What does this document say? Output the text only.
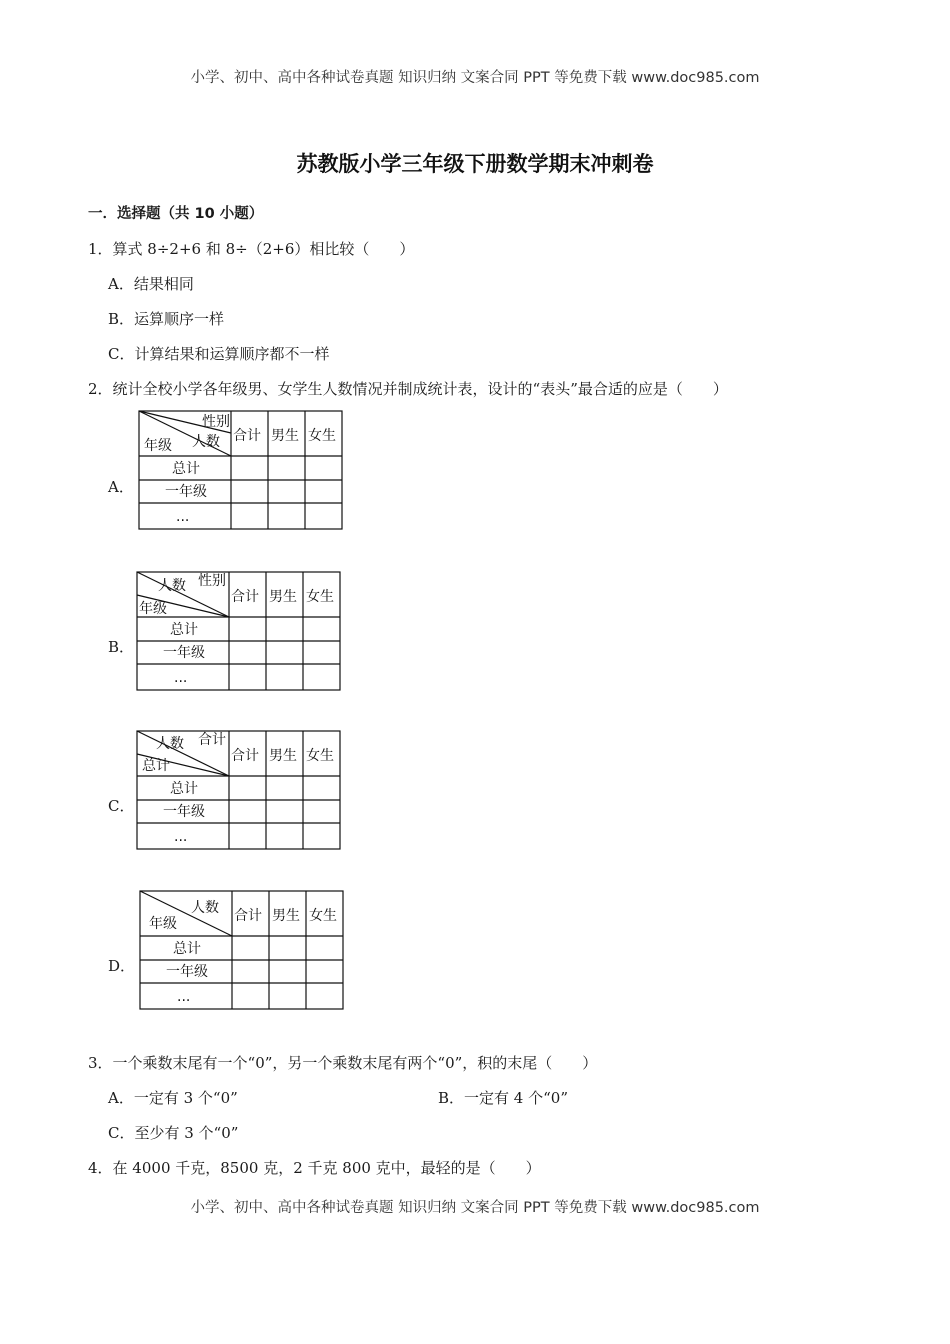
小学、初中、高中各种试卷真题 知识归纳 文案合同 PPT 等免费下载 www.doc985.com
苏教版小学三年级下册数学期末冲刺卷
一．选择题（共 10 小题）
1．算式 8÷2+6 和 8÷（2+6）相比较（　　）
A．结果相同
B．运算顺序一样
C．计算结果和运算顺序都不一样
2．统计全校小学各年级男、女学生人数情况并制成统计表，设计的“表头”最合适的应是（　　）
A．
性别
人数
年级
合计 男生 女生
总计
一年级
...
B．
人数 性别
年级
合计 男生 女生
总计
一年级
...
C．
人数 合计
总计
合计 男生 女生
总计
一年级
...
D．
人数
年级	合计 男生 女生
总计
一年级
...
3．一个乘数末尾有一个“0”，另一个乘数末尾有两个“0”，积的末尾（　　）
A．一定有 3 个“0”	B．一定有 4 个“0”
C．至少有 3 个“0”
4．在 4000 千克，8500 克，2 千克 800 克中，最轻的是（　　）
小学、初中、高中各种试卷真题 知识归纳 文案合同 PPT 等免费下载 www.doc985.com
